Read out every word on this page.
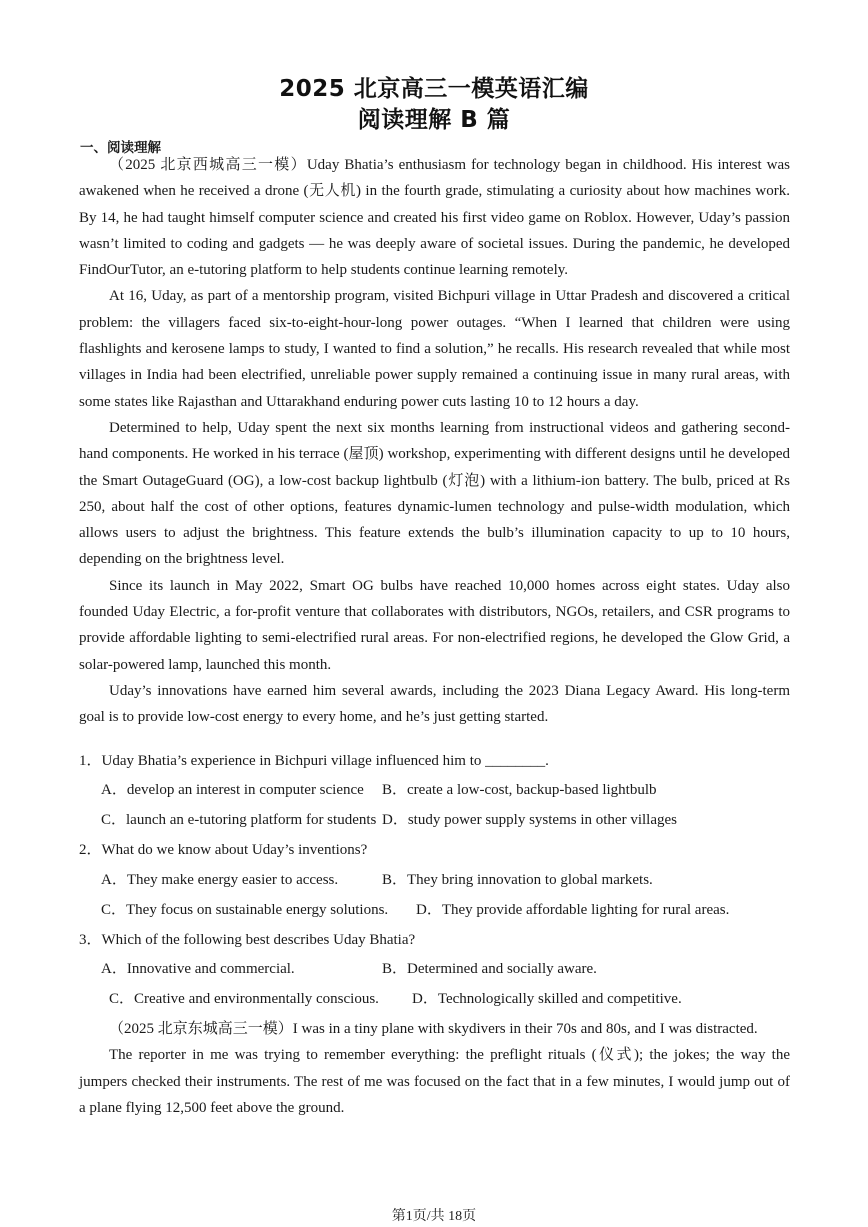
2025 北京高三一模英语汇编
阅读理解 B 篇
一、阅读理解

（2025 北京西城高三一模）Uday Bhatia’s enthusiasm for technology began in childhood. His interest was awakened when he received a drone (无人机) in the fourth grade, stimulating a curiosity about how machines work. By 14, he had taught himself computer science and created his first video game on Roblox. However, Uday’s passion wasn’t limited to coding and gadgets — he was deeply aware of societal issues. During the pandemic, he developed FindOurTutor, an e-tutoring platform to help students continue learning remotely.

At 16, Uday, as part of a mentorship program, visited Bichpuri village in Uttar Pradesh and discovered a critical problem: the villagers faced six-to-eight-hour-long power outages. “When I learned that children were using flashlights and kerosene lamps to study, I wanted to find a solution,” he recalls. His research revealed that while most villages in India had been electrified, unreliable power supply remained a continuing issue in many rural areas, with some states like Rajasthan and Uttarakhand enduring power cuts lasting 10 to 12 hours a day.

Determined to help, Uday spent the next six months learning from instructional videos and gathering second-hand components. He worked in his terrace (屋顶) workshop, experimenting with different designs until he developed the Smart OutageGuard (OG), a low-cost backup lightbulb (灯泡) with a lithium-ion battery. The bulb, priced at Rs 250, about half the cost of other options, features dynamic-lumen technology and pulse-width modulation, which allows users to adjust the brightness. This feature extends the bulb’s illumination capacity to up to 10 hours, depending on the brightness level.

Since its launch in May 2022, Smart OG bulbs have reached 10,000 homes across eight states. Uday also founded Uday Electric, a for-profit venture that collaborates with distributors, NGOs, retailers, and CSR programs to provide affordable lighting to semi-electrified rural areas. For non-electrified regions, he developed the Glow Grid, a solar-powered lamp, launched this month.

Uday’s innovations have earned him several awards, including the 2023 Diana Legacy Award. His long-term goal is to provide low-cost energy to every home, and he’s just getting started.

1．Uday Bhatia’s experience in Bichpuri village influenced him to ________.
A．develop an interest in computer science B．create a low-cost, backup-based lightbulb
C．launch an e-tutoring platform for students D．study power supply systems in other villages
2．What do we know about Uday’s inventions?
A．They make energy easier to access.	B．They bring innovation to global markets.
C．They focus on sustainable energy solutions. D．They provide affordable lighting for rural areas.
3．Which of the following best describes Uday Bhatia?
A．Innovative and commercial.	B．Determined and socially aware.
C．Creative and environmentally conscious. D．Technologically skilled and competitive.

（2025 北京东城高三一模）I was in a tiny plane with skydivers in their 70s and 80s, and I was distracted.

The reporter in me was trying to remember everything: the preflight rituals (仪式); the jokes; the way the jumpers checked their instruments. The rest of me was focused on the fact that in a few minutes, I would jump out of a plane flying 12,500 feet above the ground.

第1页/共 18页
